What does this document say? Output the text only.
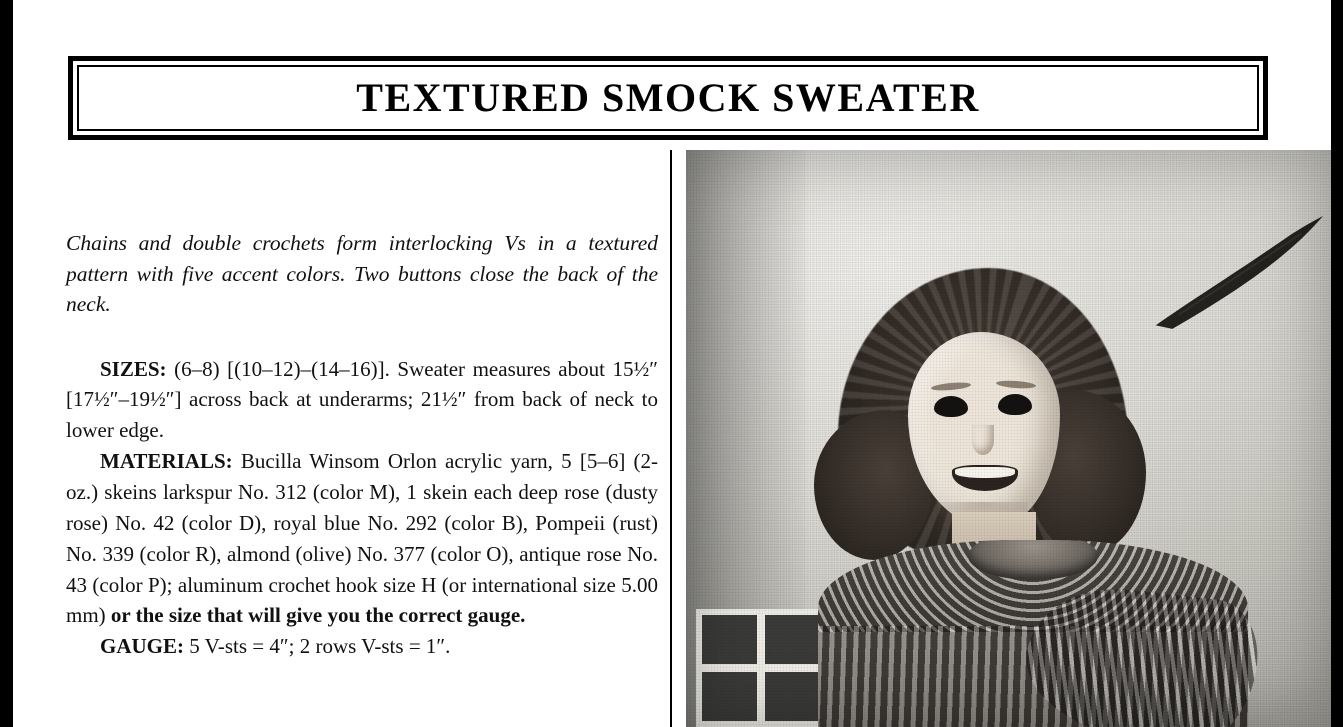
TEXTURED SMOCK SWEATER

Chains and double crochets form interlocking Vs in a textured pattern with five accent colors. Two buttons close the back of the neck.

SIZES: (6–8) [(10–12)–(14–16)]. Sweater measures about 15½″ [17½″–19½″] across back at underarms; 21½″ from back of neck to lower edge.

MATERIALS: Bucilla Winsom Orlon acrylic yarn, 5 [5–6] (2-oz.) skeins larkspur No. 312 (color M), 1 skein each deep rose (dusty rose) No. 42 (color D), royal blue No. 292 (color B), Pompeii (rust) No. 339 (color R), almond (olive) No. 377 (color O), antique rose No. 43 (color P); aluminum crochet hook size H (or international size 5.00 mm) or the size that will give you the correct gauge.

GAUGE: 5 V-sts = 4″; 2 rows V-sts = 1″.
